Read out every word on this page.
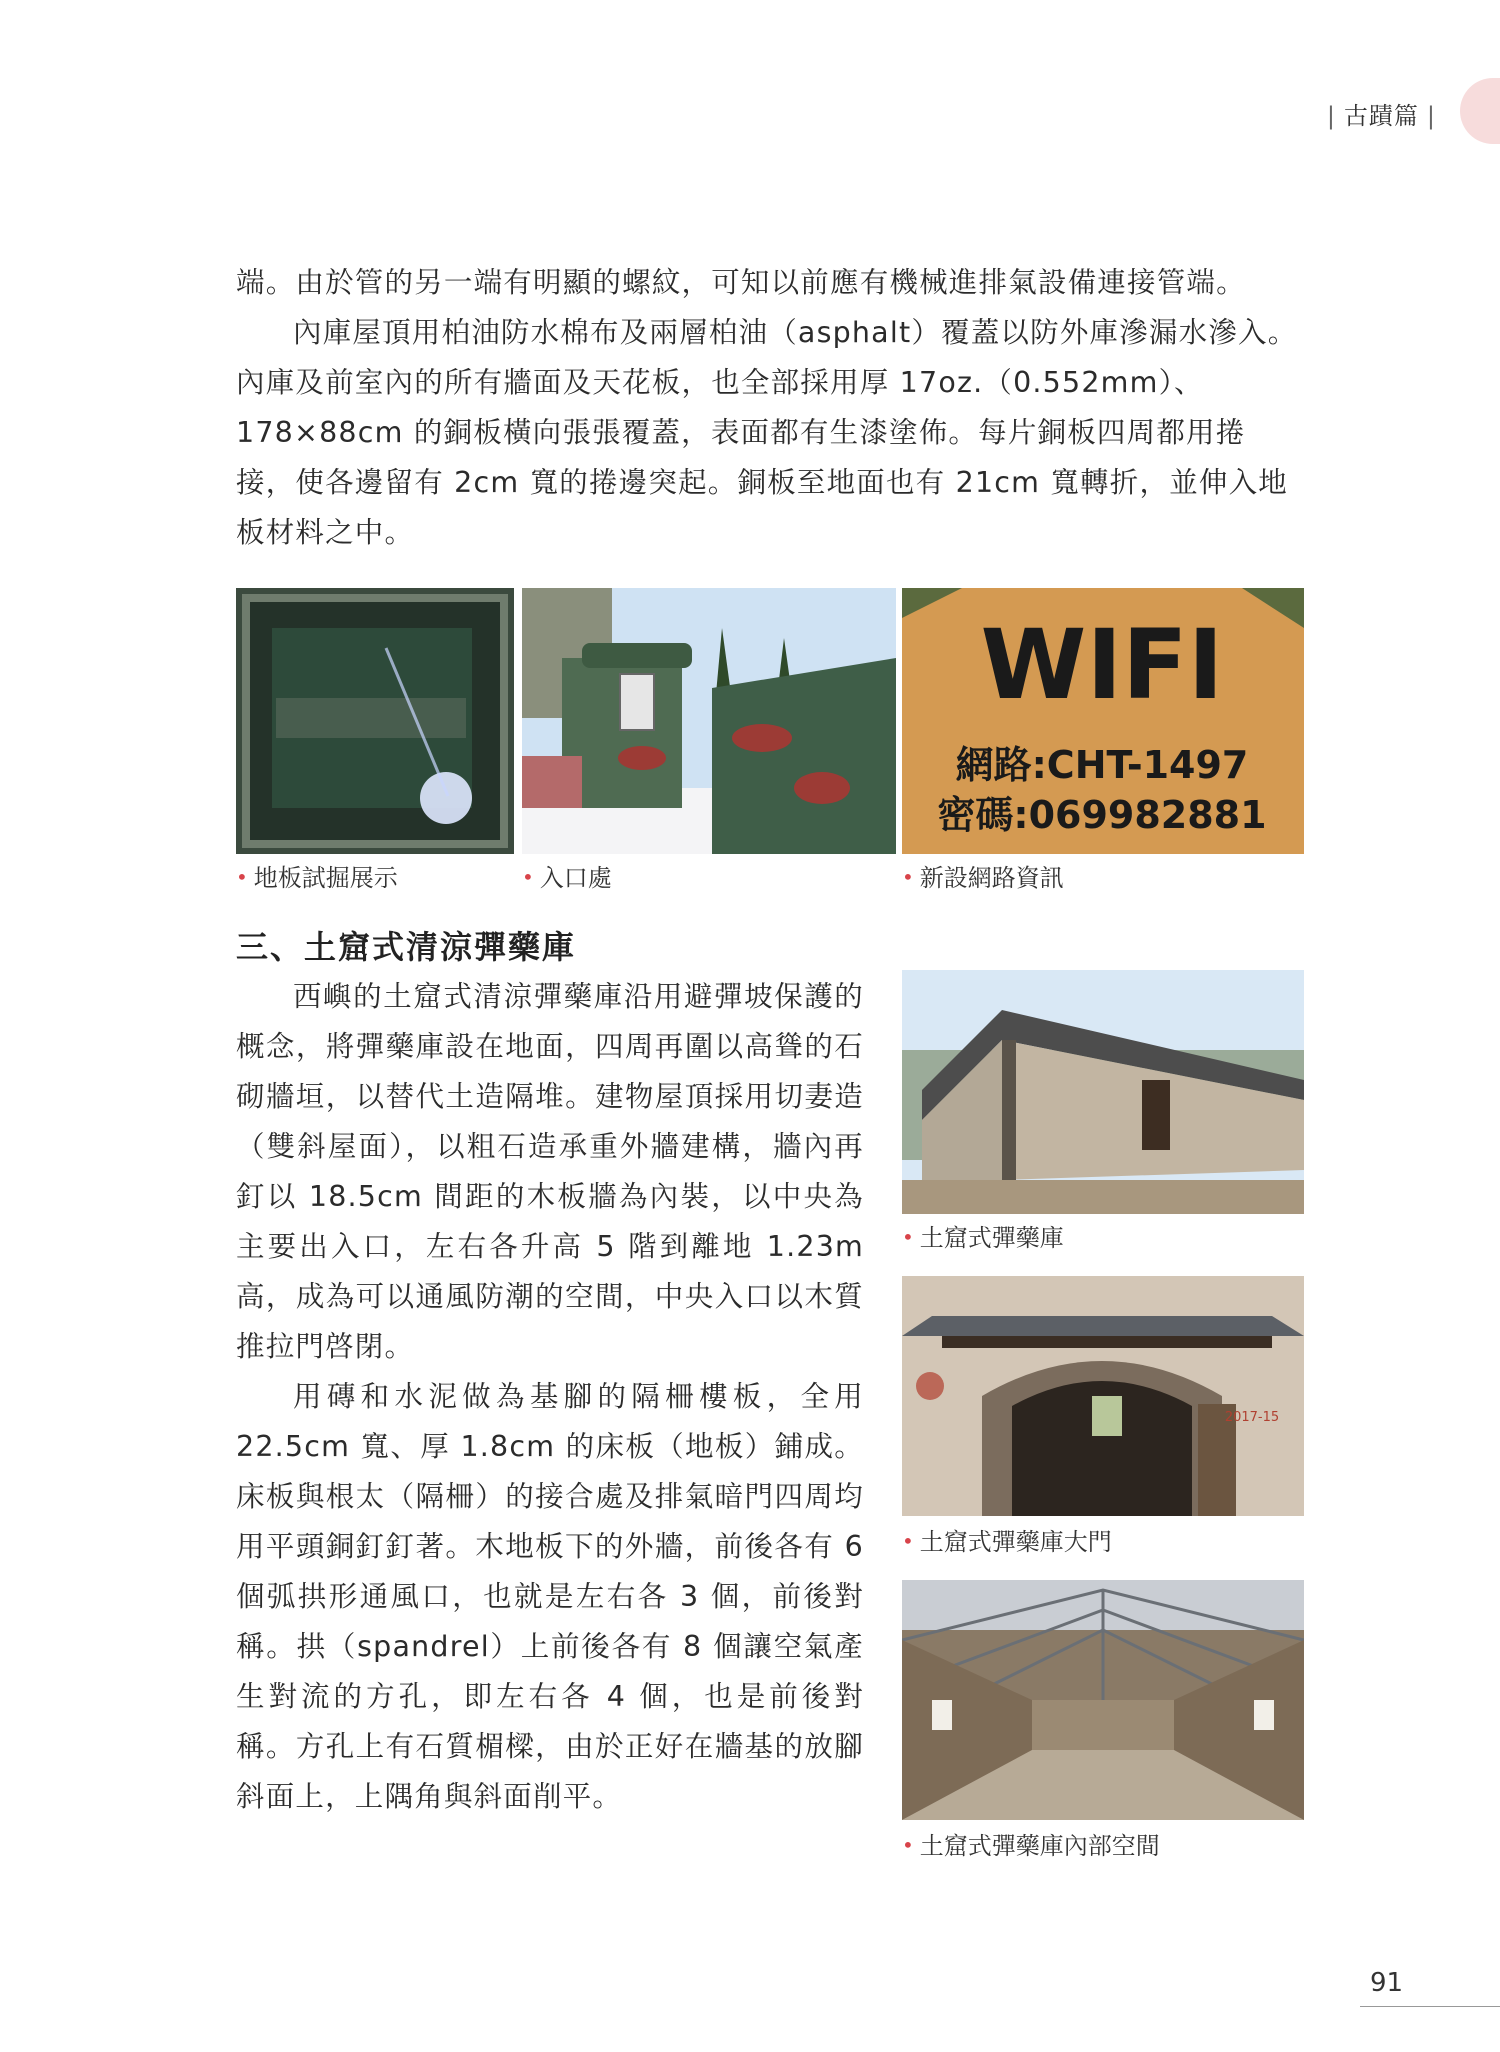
| 古蹟篇 |

端。由於管的另一端有明顯的螺紋，可知以前應有機械進排氣設備連接管端。

內庫屋頂用柏油防水棉布及兩層柏油（asphalt）覆蓋以防外庫滲漏水滲入。內庫及前室內的所有牆面及天花板，也全部採用厚 17oz.（0.552mm）、178×88cm 的銅板橫向張張覆蓋，表面都有生漆塗佈。每片銅板四周都用捲接，使各邊留有 2cm 寬的捲邊突起。銅板至地面也有 21cm 寬轉折，並伸入地板材料之中。

WIFI
網路:CHT-1497
密碼:069982881
• 地板試掘展示	• 入口處	• 新設網路資訊
三、土窟式清涼彈藥庫

西嶼的土窟式清涼彈藥庫沿用避彈坡保護的概念，將彈藥庫設在地面，四周再圍以高聳的石砌牆垣，以替代土造隔堆。建物屋頂採用切妻造（雙斜屋面），以粗石造承重外牆建構，牆內再釘以 18.5cm 間距的木板牆為內裝，以中央為主要出入口，左右各升高 5 階到離地 1.23m 高，成為可以通風防潮的空間，中央入口以木質推拉門啓閉。

用磚和水泥做為基腳的隔柵樓板，全用 22.5cm 寬、厚 1.8cm 的床板（地板）鋪成。床板與根太（隔柵）的接合處及排氣暗門四周均用平頭銅釘釘著。木地板下的外牆，前後各有 6 個弧拱形通風口，也就是左右各 3 個，前後對稱。拱（spandrel）上前後各有 8 個讓空氣產生對流的方孔，即左右各 4 個，也是前後對稱。方孔上有石質楣樑，由於正好在牆基的放腳斜面上，上隅角與斜面削平。

• 土窟式彈藥庫
2017-15
• 土窟式彈藥庫大門
• 土窟式彈藥庫內部空間
91
